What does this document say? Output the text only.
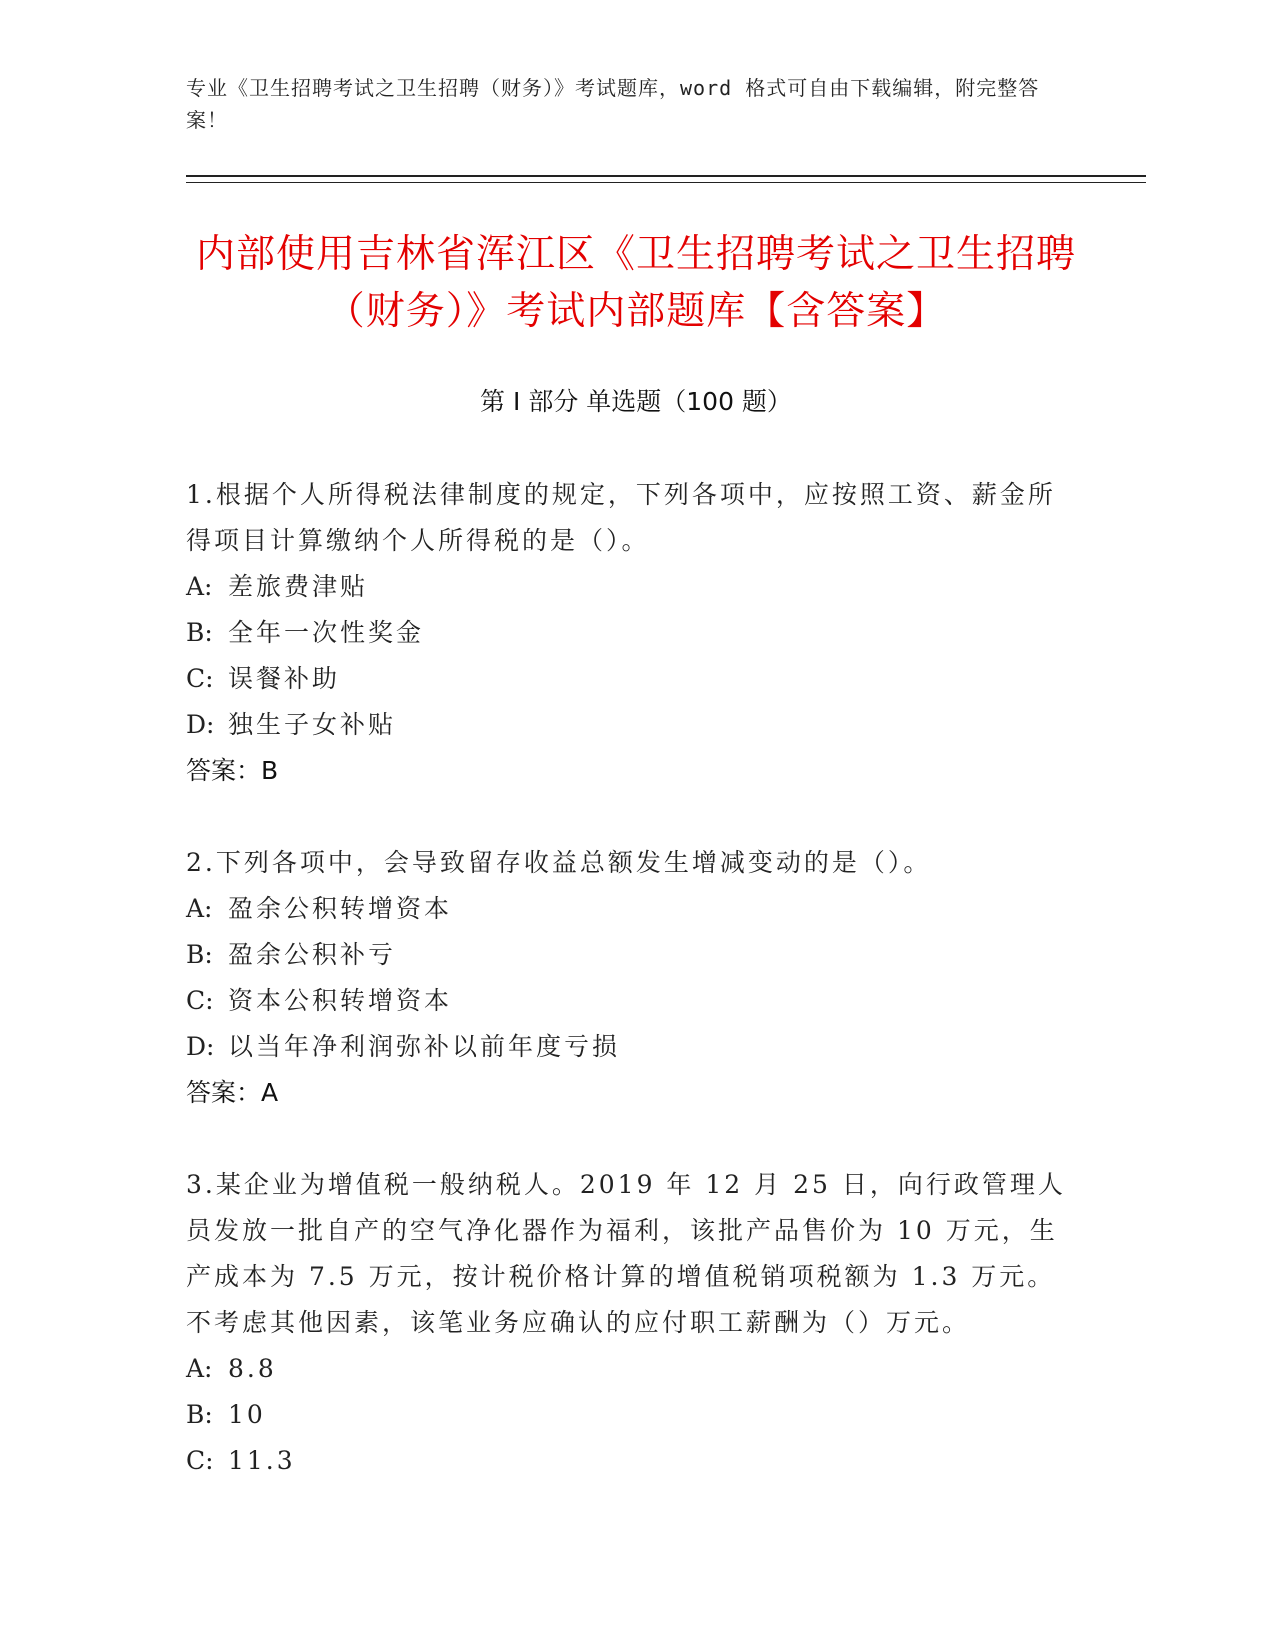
专业《卫生招聘考试之卫生招聘（财务）》考试题库，word 格式可自由下载编辑，附完整答案！
内部使用吉林省浑江区《卫生招聘考试之卫生招聘（财务）》考试内部题库【含答案】
第 I 部分 单选题（100 题）
1.根据个人所得税法律制度的规定，下列各项中，应按照工资、薪金所得项目计算缴纳个人所得税的是（）。
A: 差旅费津贴
B: 全年一次性奖金
C: 误餐补助
D: 独生子女补贴
答案：B
2.下列各项中，会导致留存收益总额发生增减变动的是（）。
A: 盈余公积转增资本
B: 盈余公积补亏
C: 资本公积转增资本
D: 以当年净利润弥补以前年度亏损
答案：A
3.某企业为增值税一般纳税人。2019 年 12 月 25 日，向行政管理人员发放一批自产的空气净化器作为福利，该批产品售价为 10 万元，生产成本为 7.5 万元，按计税价格计算的增值税销项税额为 1.3 万元。不考虑其他因素，该笔业务应确认的应付职工薪酬为（）万元。
A: 8.8
B: 10
C: 11.3
